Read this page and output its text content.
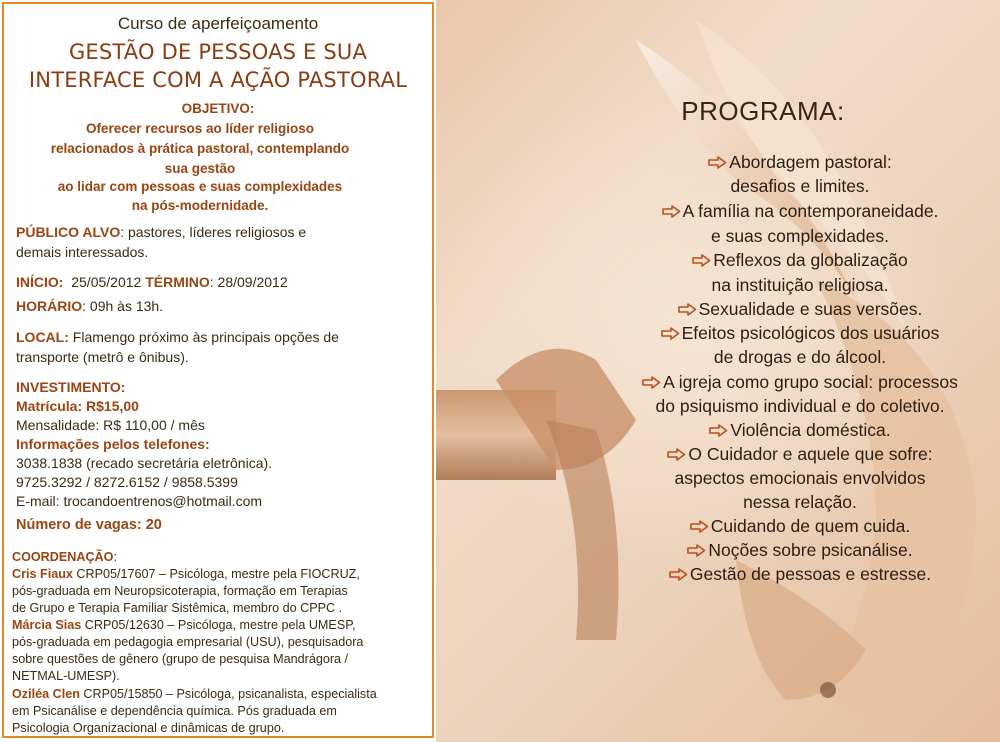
Curso de aperfeiçoamento
GESTÃO DE PESSOAS E SUA
INTERFACE COM A AÇÃO PASTORAL
OBJETIVO:
Oferecer recursos ao líder religioso
relacionados à prática pastoral, contemplando
sua gestão
ao lidar com pessoas e suas complexidades
na pós-modernidade.
PÚBLICO ALVO: pastores, líderes religiosos e
demais interessados.
INÍCIO: 25/05/2012 TÉRMINO: 28/09/2012
HORÁRIO: 09h às 13h.
LOCAL: Flamengo próximo às principais opções de
transporte (metrô e ônibus).
INVESTIMENTO:
Matrícula: R$15,00
Mensalidade: R$ 110,00 / mês
Informações pelos telefones:
3038.1838 (recado secretária eletrônica).
9725.3292 / 8272.6152 / 9858.5399
E-mail: trocandoentrenos@hotmail.com
Número de vagas: 20
COORDENAÇÃO:
Cris Fiaux CRP05/17607 – Psicóloga, mestre pela FIOCRUZ,
pós-graduada em Neuropsicoterapia, formação em Terapias
de Grupo e Terapia Familiar Sistêmica, membro do CPPC .
Márcia Sias CRP05/12630 – Psicóloga, mestre pela UMESP,
pós-graduada em pedagogia empresarial (USU), pesquisadora
sobre questões de gênero (grupo de pesquisa Mandrágora /
NETMAL-UMESP).
Oziléa Clen CRP05/15850 – Psicóloga, psicanalista, especialista
em Psicanálise e dependência química. Pós graduada em
Psicologia Organizacional e dinâmicas de grupo.
PROGRAMA:
Abordagem pastoral:
desafios e limites.
A família na contemporaneidade.
e suas complexidades.
Reflexos da globalização
na instituição religiosa.
Sexualidade e suas versões.
Efeitos psicológicos dos usuários
de drogas e do álcool.
A igreja como grupo social: processos
do psiquismo individual e do coletivo.
Violência doméstica.
O Cuidador e aquele que sofre:
aspectos emocionais envolvidos
nessa relação.
Cuidando de quem cuida.
Noções sobre psicanálise.
Gestão de pessoas e estresse.
